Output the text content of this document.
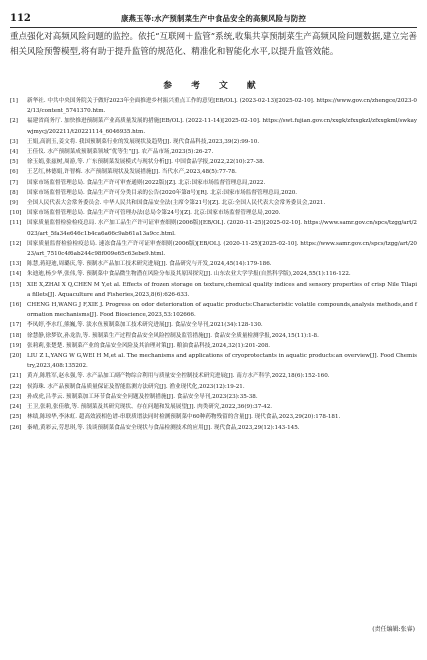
112	康燕玉等:水产预制菜生产中食品安全的高频风险与防控

重点强化对高频风险问题的监控。依托“互联网＋监管”系统,收集共享预制菜生产高频风险问题数据,建立完善相关风险预警模型,将有助于提升监管的规范化、精准化和智能化水平,以提升监管效能。

参 考 文 献
[1]	新华社. 中共中央国务院关于做好2023年全面推进乡村振兴重点工作的意见[EB/OL]. (2023-02-13)[2025-02-10]. https://www.gov.cn/zhengce/2023-02/13/content_5741370.htm.
[2]	福建省商务厅. 加快推进预制菜产业高质量发展的措施[EB/OL]. (2022-11-14)[2025-02-10]. https://swt.fujian.gov.cn/xxgk/zfxxgkzl/zfxxgkml/swkaywjmycj/202211/t20221114_6046935.htm.
[3]	王娟,高润玉,姜文将. 我国预制菜行业的发展现状及趋势[J]. 现代食品科技,2023,39(2):99-10.
[4]	王佳仪. 水产预制菜成预制菜领域“优等生”[J]. 农产品市场,2023(5):26-27.
[5]	徐玉娟,张兹树,周游,等. 广东预制菜发展模式与现状分析[J]. 中国食品学报,2022,22(10):27-38.
[6]	王艺红,林德娟,许智梅. 水产预制菜现状及发展措施[J]. 当代水产,2023,48(5):77-78.
[7]	国家市场监督管理总局. 食品生产许可审查通则(2022版)[Z]. 北京:国家市场监督管理总局,2022.
[8]	国家市场监督管理总局. 食品生产许可分类目录的公告(2020年第8号)[R]. 北京:国家市场监督管理总局,2020.
[9]	全国人民代表大会常务委员会. 中华人民共和国食品安全法(主席令第21号)[Z]. 北京:全国人民代表大会常务委员会,2021.
[10] 国家市场监督管理总局. 食品生产许可管理办法(总局令第24号)[Z]. 北京:国家市场监督管理总局,2020.
[11] 国家质量监督检验检疫总局. 水产加工品生产许可证审查细则(2006版)[EB/OL]. (2020-11-25)[2025-02-10]. https://www.samr.gov.cn/spcs/tzgg/art/2023/art_5fa34e646c1b4ca6a66c9ab61a13a9cc.html.
[12] 国家质量监督检验检疫总局. 速冻食品生产许可证审查细则(2006版)[EB/OL]. (2020-11-25)[2025-02-10]. https://www.samr.gov.cn/spcs/tzgg/art/2023/art_7510c4f6ab244c98f009e65c63ebe9.html.
[13] 陈慧,蒋迎迪,周璐庆,等. 预制水产品加工技术研究进展[J]. 食品研究与开发,2024,45(14):179-186.
[14] 朱迪迪,杨少华,张伟,等. 预制菜中食品微生物潜在风险分布及其原因探究[J]. 山东农业大学学报(自然科学版),2024,55(1):116-122.
[15] XIE X,ZHAI X Q,CHEN M Y,et al. Effects of frozen storage on texture,chemical quality indices and sensory properties of crisp Nile Tilapia fillets[J]. Aquaculture and Fisheries,2023,8(6):626-633.
[16] CHENG H,WANG J F,XIE J. Progress on odor deterioration of aquatic products:Characteristic volatile compounds,analysis methods,and formation mechanisms[J]. Food Bioscience,2023,53:102666.
[17] 李凤婷,李水红,熊巍,等. 淡水鱼预制菜加工技术研究进展[J]. 食品安全导刊,2021(34):128-130.
[18] 徐慧静,徐梦钦,孙龙浩,等. 预制菜生产过程食品安全风险控制及监管措施[J]. 食品安全质量检测学报,2024,15(11):1-8.
[19] 张莉莉,张楚楚. 预制菜产业的食品安全风险及其治理对策[J]. 粮油食品科技,2024,32(1):201-208.
[20] LIU Z L,YANG W G,WEI H M,et al. The mechanisms and applications of cryoprotectants in aquatic products:an overview[J]. Food Chemistry,2023,408:135202.
[21] 黄卉,陈胜军,赵永强,等. 水产品加工副产物综合利用与质量安全控制技术研究进展[J]. 南方水产科学,2022,18(6):152-160.
[22] 侯海珠. 水产品预制食品质量保证及智能监测方法研究[J]. 渔业现代化,2023(12):19-21.
[23] 孙成虎,吕孝云. 预制菜加工环节食品安全问题及控制措施[J]. 食品安全导刊,2023(23):35-38.
[24] 王卫,张莉,张佳敏,等. 预制菜及其研究现状、存在问题和发展展望[J]. 肉类研究,2022,36(9):37-42.
[25] 林绩,陈琼华,李沐虹. 超高效液相色谱-串联质谱法同时检测预制菜中60种药物残留的含量[J]. 现代食品,2023,29(20):178-181.
[26] 秦晴,黄彩云,劳思琪,等. 浅谈预制菜食品安全现状与食品检测技术的应用[J]. 现代食品,2023,29(12):143-145.

(责任编辑:张睿)
